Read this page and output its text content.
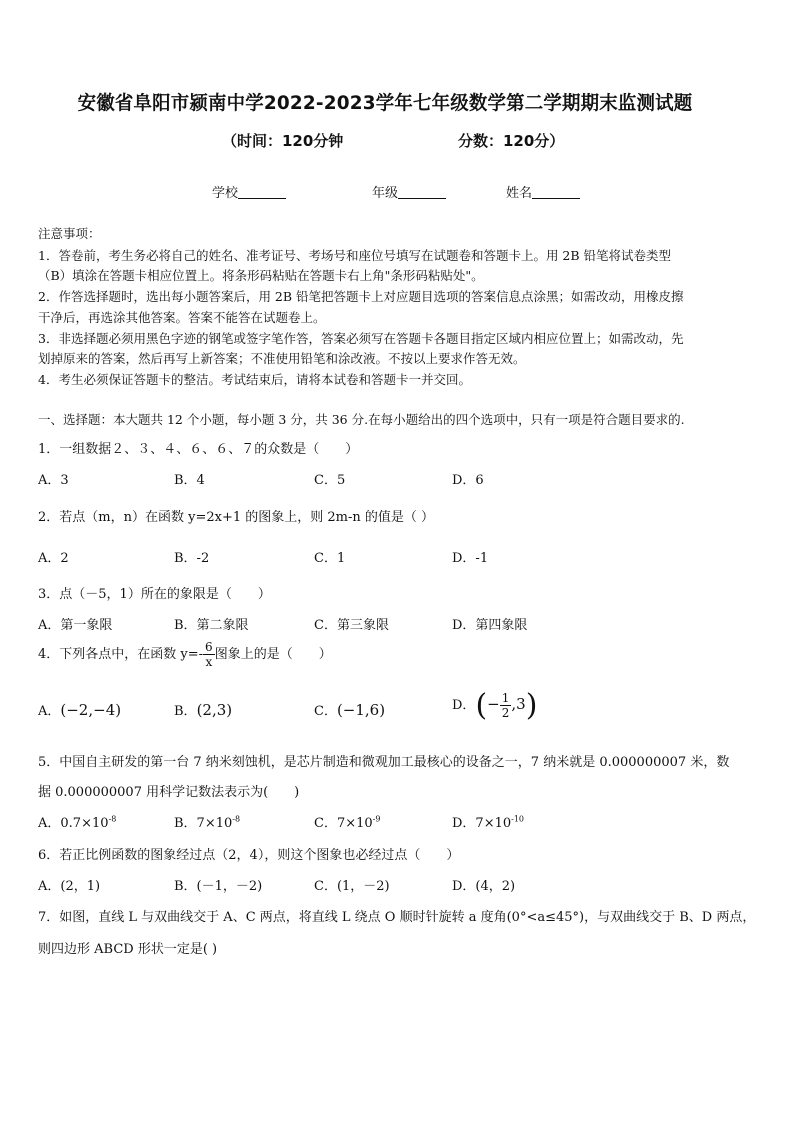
安徽省阜阳市颍南中学2022-2023学年七年级数学第二学期期末监测试题
（时间：120分钟	分数：120分）
学校	年级	姓名
注意事项：
1．答卷前，考生务必将自己的姓名、准考证号、考场号和座位号填写在试题卷和答题卡上。用 2B 铅笔将试卷类型
（B）填涂在答题卡相应位置上。将条形码粘贴在答题卡右上角"条形码粘贴处"。
2．作答选择题时，选出每小题答案后，用 2B 铅笔把答题卡上对应题目选项的答案信息点涂黑；如需改动，用橡皮擦
干净后，再选涂其他答案。答案不能答在试题卷上。
3．非选择题必须用黑色字迹的钢笔或签字笔作答，答案必须写在答题卡各题目指定区域内相应位置上；如需改动，先
划掉原来的答案，然后再写上新答案；不准使用铅笔和涂改液。不按以上要求作答无效。
4．考生必须保证答题卡的整洁。考试结束后，请将本试卷和答题卡一并交回。
一、选择题：本大题共 12 个小题，每小题 3 分，共 36 分.在每小题给出的四个选项中，只有一项是符合题目要求的.
1．一组数据２、３、４、６、６、７的众数是（　　）
A．3	B．4	C．5	D．6
2．若点（m，n）在函数 y=2x+1 的图象上，则 2m-n 的值是（ ）
A．2	B．-2	C．1	D．-1
3．点（－5，1）所在的象限是（　　）
A．第一象限	B．第二象限	C．第三象限	D．第四象限
4．下列各点中，在函数 $y=- \frac{6}{x}$ 图象上的是（　　）
A．(−2,−4)	B．(2,3)	C．(−1,6)	D．(− $\frac{1}{2} ,3$)
5．中国自主研发的第一台 7 纳米刻蚀机，是芯片制造和微观加工最核心的设备之一，7 纳米就是 0.000000007 米，数
据 0.000000007 用科学记数法表示为(　　)
A．$0.7\times 10^{-8}$	B．$7\times 10^{-8}$	C．$7\times 10^{-9}$	D．$7\times 10^{-10}$
6．若正比例函数的图象经过点（2，4），则这个图象也必经过点（　　）
A．(2，1)	B．(－1，－2)	C．(1，－2)	D．(4，2)
7．如图，直线 L 与双曲线交于 A、C 两点，将直线 L 绕点 O 顺时针旋转 a 度角(0°<a≤45°)，与双曲线交于 B、D 两点，
则四边形 ABCD 形状一定是( )
